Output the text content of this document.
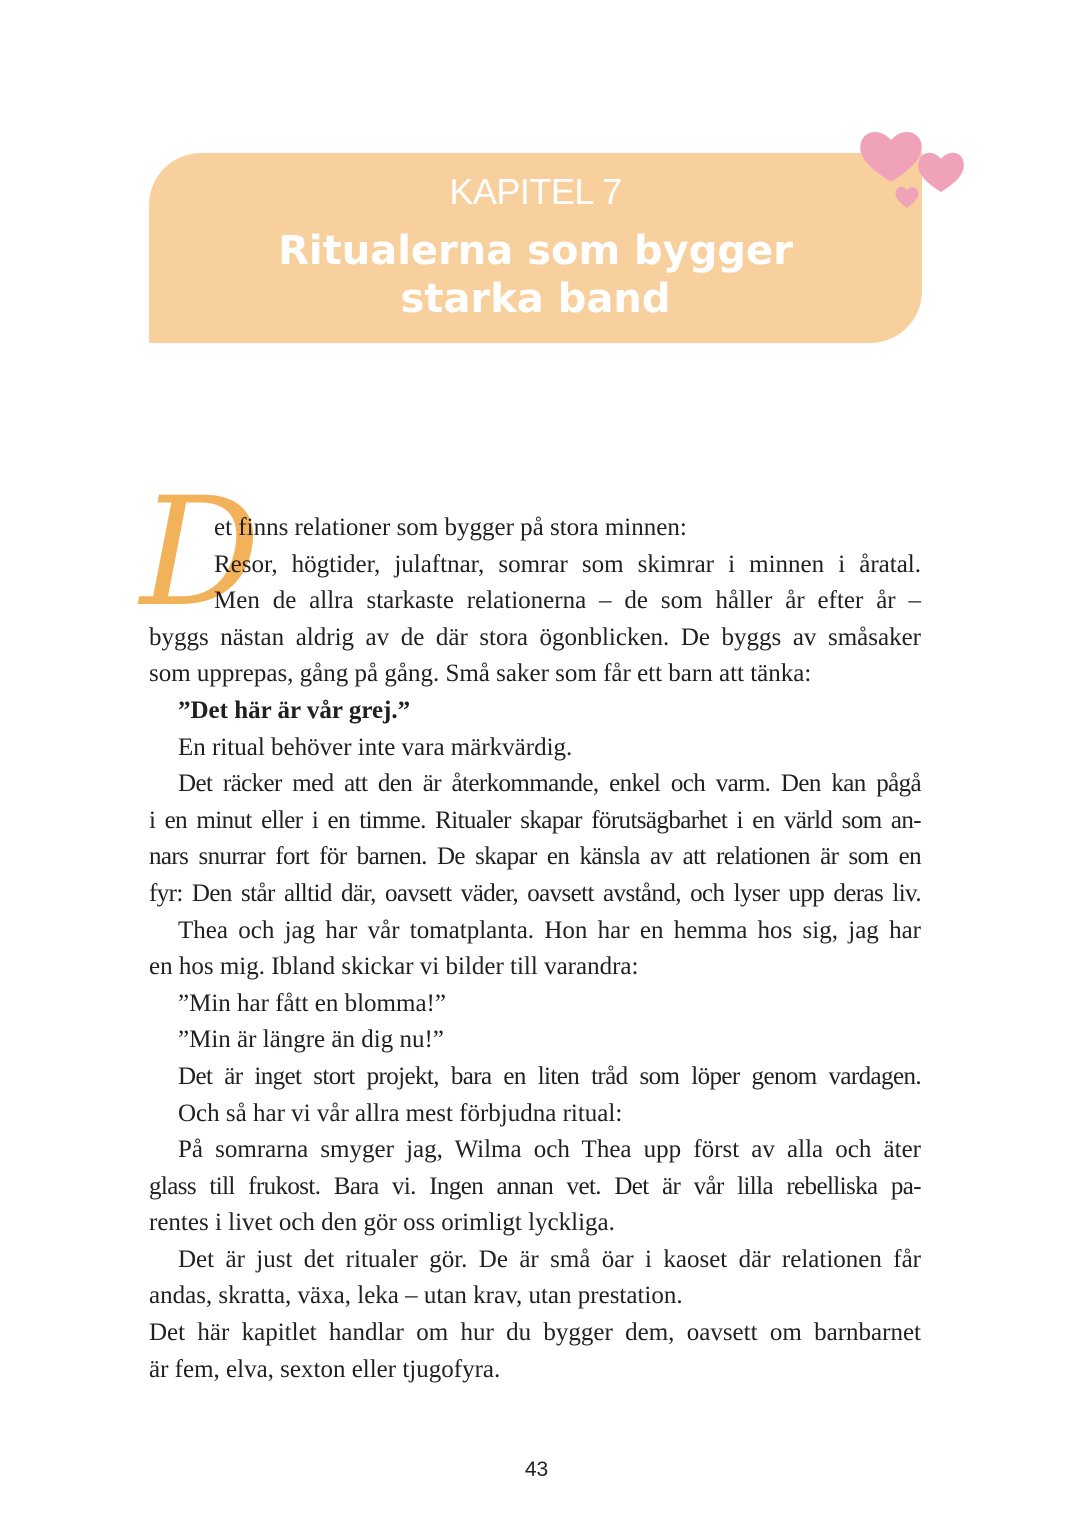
KAPITEL 7
Ritualerna som bygger
starka band
D
et finns relationer som bygger på stora minnen:
Resor, högtider, julaftnar, somrar som skimrar i minnen i åratal.
Men de allra starkaste relationerna – de som håller år efter år –
byggs nästan aldrig av de där stora ögonblicken. De byggs av småsaker
som upprepas, gång på gång. Små saker som får ett barn att tänka:
”Det här är vår grej.”
En ritual behöver inte vara märkvärdig.
Det räcker med att den är återkommande, enkel och varm. Den kan pågå
i en minut eller i en timme. Ritualer skapar förutsägbarhet i en värld som an-
nars snurrar fort för barnen. De skapar en känsla av att relationen är som en
fyr: Den står alltid där, oavsett väder, oavsett avstånd, och lyser upp deras liv.
Thea och jag har vår tomatplanta. Hon har en hemma hos sig, jag har
en hos mig. Ibland skickar vi bilder till varandra:
”Min har fått en blomma!”
”Min är längre än dig nu!”
Det är inget stort projekt, bara en liten tråd som löper genom vardagen.
Och så har vi vår allra mest förbjudna ritual:
På somrarna smyger jag, Wilma och Thea upp först av alla och äter
glass till frukost. Bara vi. Ingen annan vet. Det är vår lilla rebelliska pa-
rentes i livet och den gör oss orimligt lyckliga.
Det är just det ritualer gör. De är små öar i kaoset där relationen får
andas, skratta, växa, leka – utan krav, utan prestation.
Det här kapitlet handlar om hur du bygger dem, oavsett om barnbarnet
är fem, elva, sexton eller tjugofyra.
43
